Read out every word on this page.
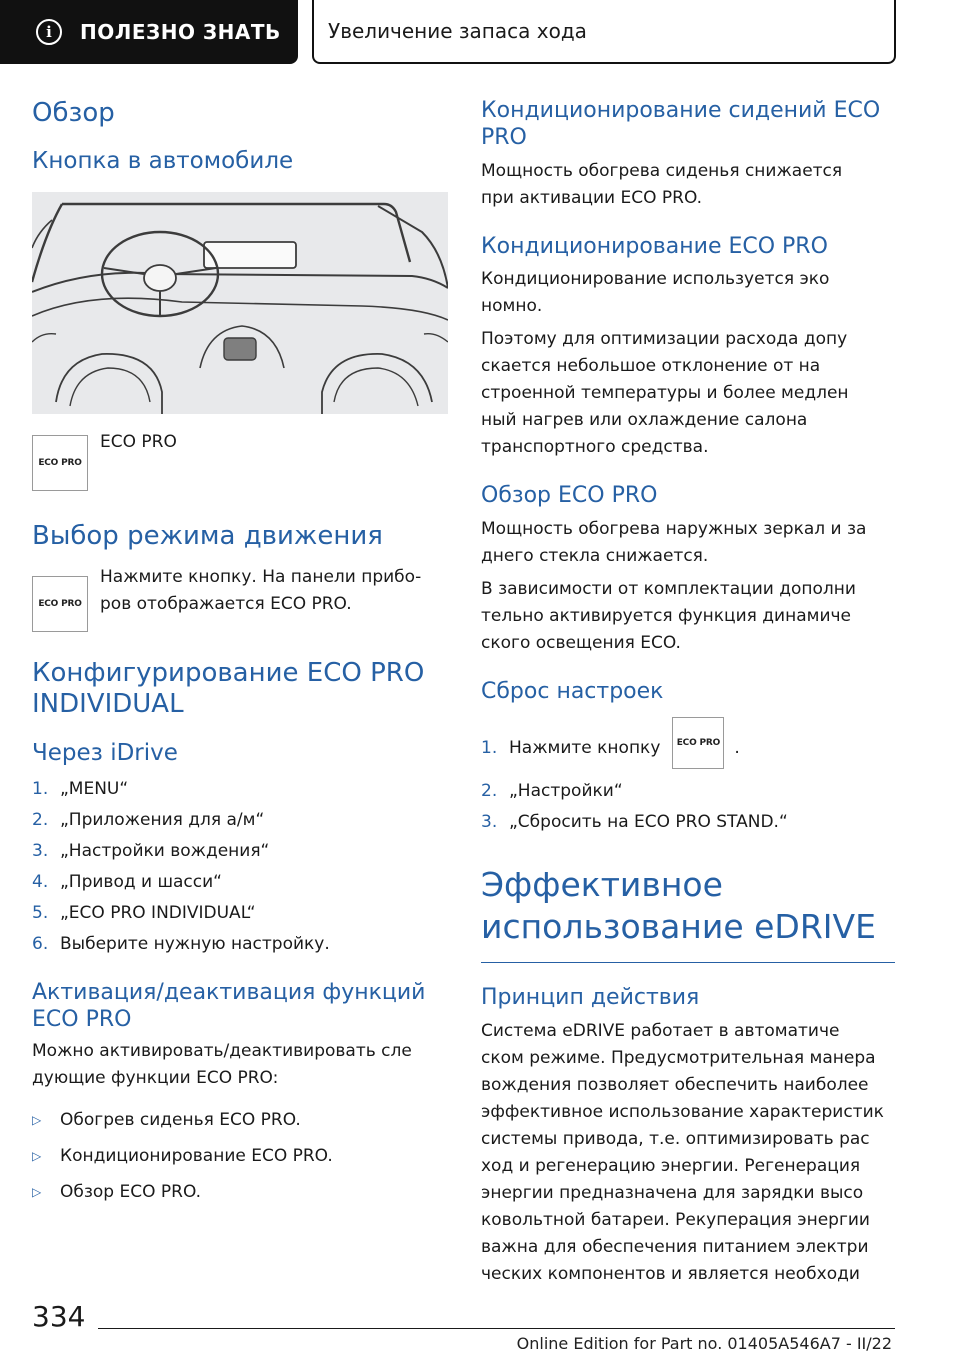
i	ПОЛЕЗНО ЗНАТЬ	Увеличение запаса хода
Обзор
Кнопка в автомобиле
ECO PRO
ECO PRO
Выбор режима движения
ECO PRO
Нажмите кнопку. На панели приборов отображается ECO PRO.
Конфигурирование ECO PRO
INDIVIDUAL
Через iDrive
1. „MENU“
2. „Приложения для а/м“
3. „Настройки вождения“
4. „Привод и шасси“
5. „ECO PRO INDIVIDUAL“
6. Выберите нужную настройку.
Активация/деактивация функций
ECO PRO
Можно активировать/деактивировать сле
дующие функции ECO PRO:
▷	Обогрев сиденья ECO PRO.
▷	Кондиционирование ECO PRO.
▷	Обзор ECO PRO.
Кондиционирование сидений ECO
PRO
Мощность обогрева сиденья снижается
при активации ECO PRO.
Кондиционирование ECO PRO
Кондиционирование используется эко
номно.
Поэтому для оптимизации расхода допу
скается небольшое отклонение от на
строенной температуры и более медлен
ный нагрев или охлаждение салона
транспортного средства.
Обзор ECO PRO
Мощность обогрева наружных зеркал и за
днего стекла снижается.
В зависимости от комплектации дополни
тельно активируется функция динамиче
ского освещения ECO.
Сброс настроек
1. Нажмите кнопку	ECO PRO .
2. „Настройки“
3. „Сбросить на ECO PRO STAND.“
Эффективное
использование eDRIVE
Принцип действия
Система eDRIVE работает в автоматиче
ском режиме. Предусмотрительная манера
вождения позволяет обеспечить наиболее
эффективное использование характеристик
системы привода, т.е. оптимизировать рас
ход и регенерацию энергии. Регенерация
энергии предназначена для зарядки высо
ковольтной батареи. Рекуперация энергии
важна для обеспечения питанием электри
ческих компонентов и является необходи
334
Online Edition for Part no. 01405A546A7 - II/22
